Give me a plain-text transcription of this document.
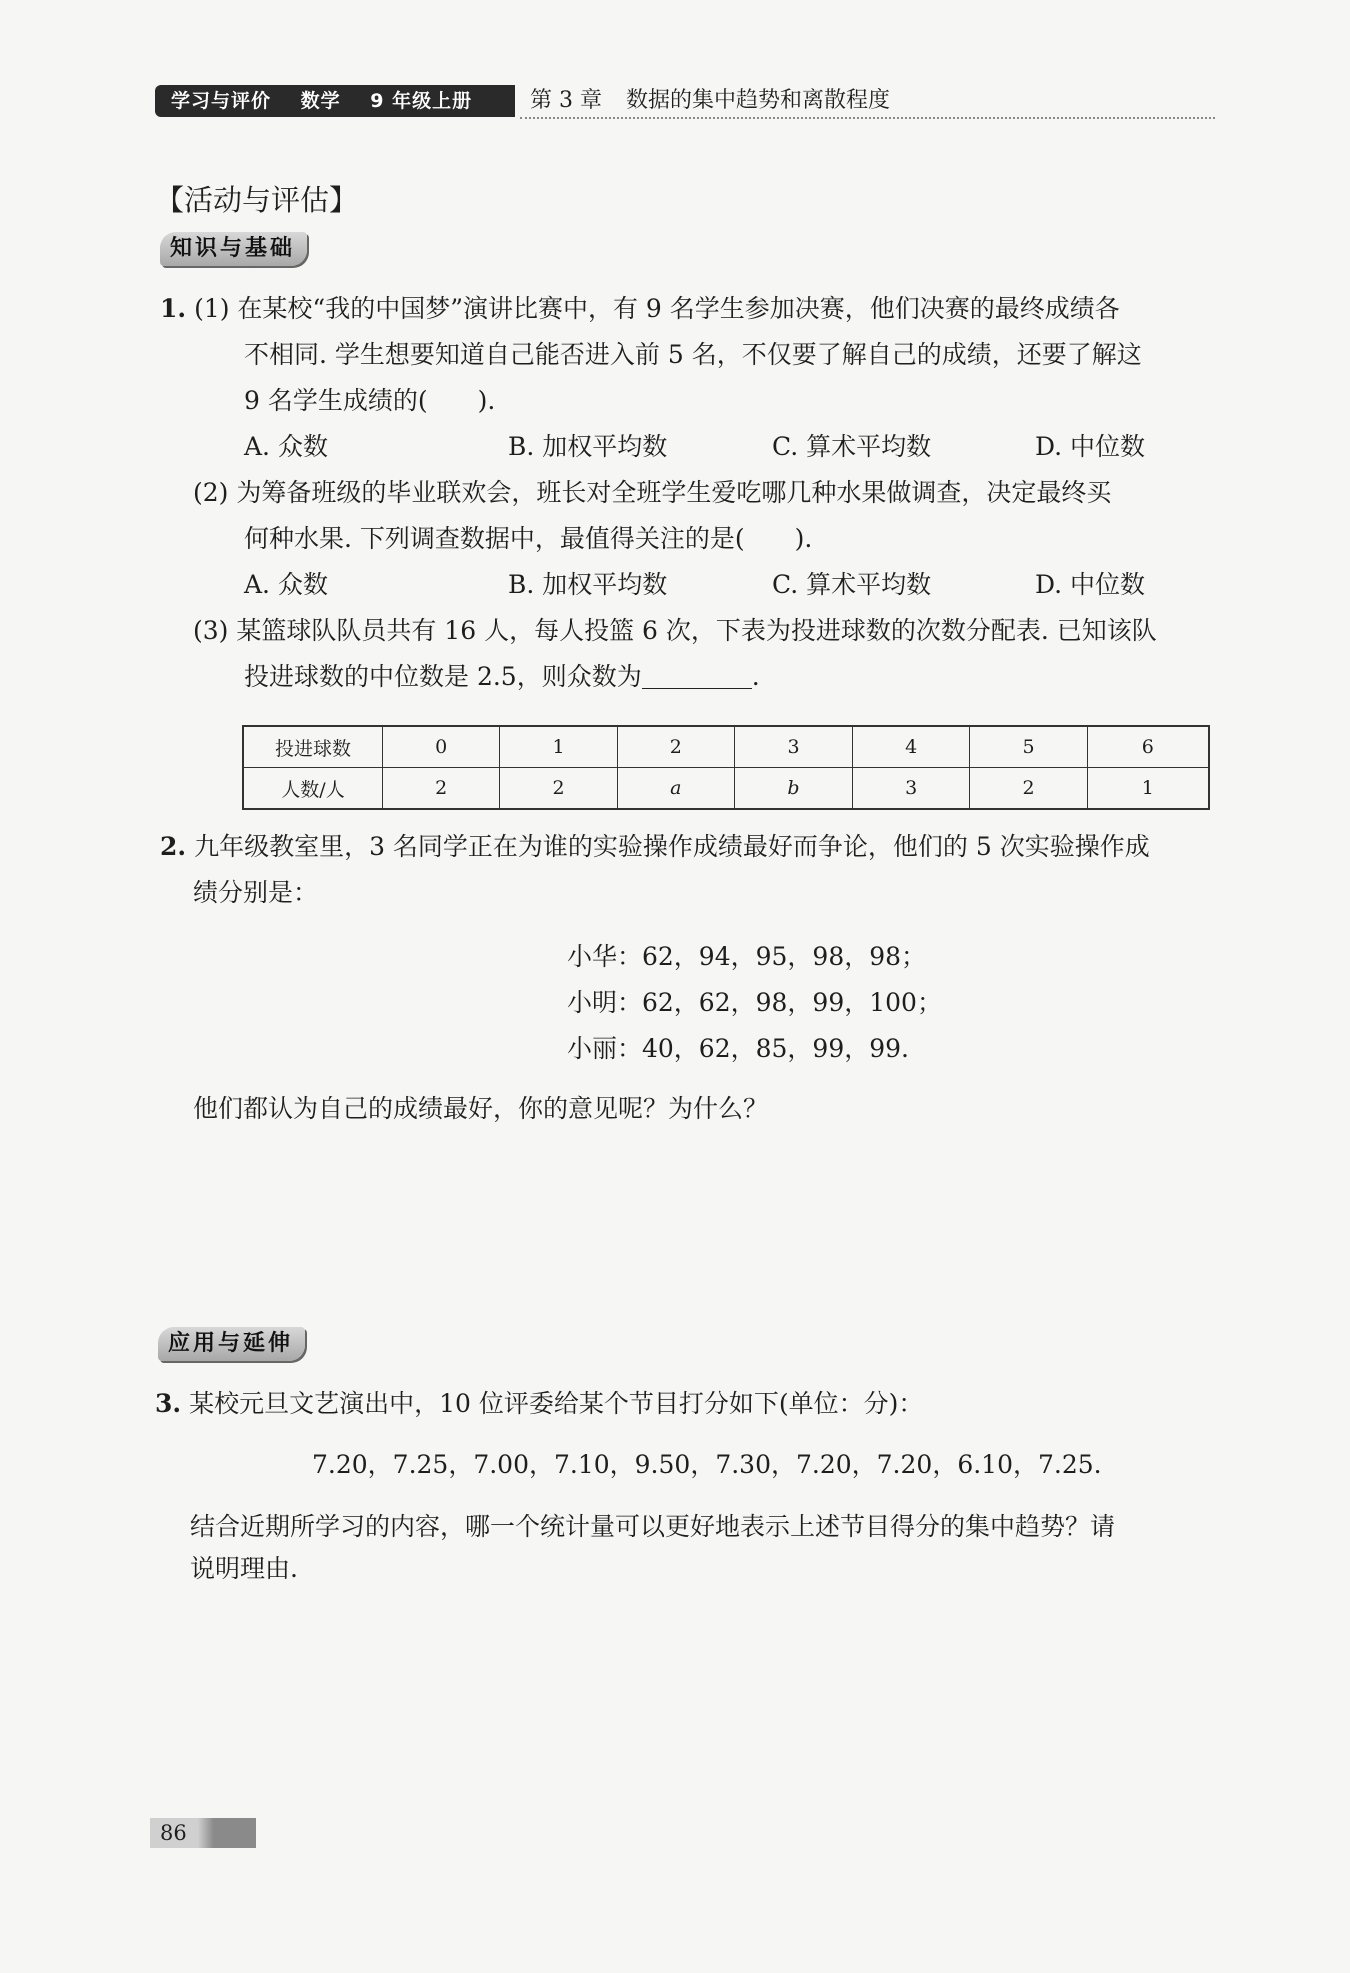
学习与评价 数学 9 年级上册	第 3 章 数据的集中趋势和离散程度
【活动与评估】
知识与基础
1. (1) 在某校“我的中国梦”演讲比赛中，有 9 名学生参加决赛，他们决赛的最终成绩各
不相同. 学生想要知道自己能否进入前 5 名，不仅要了解自己的成绩，还要了解这
9 名学生成绩的(　　).
A. 众数	B. 加权平均数	C. 算术平均数	D. 中位数
(2) 为筹备班级的毕业联欢会，班长对全班学生爱吃哪几种水果做调查，决定最终买
何种水果. 下列调查数据中，最值得关注的是(　　).
A. 众数	B. 加权平均数	C. 算术平均数	D. 中位数
(3) 某篮球队队员共有 16 人，每人投篮 6 次，下表为投进球数的次数分配表. 已知该队
投进球数的中位数是 2.5，则众数为	.
投进球数	0	1	2	3	4	5	6
人数/人	2	2	a	b	3	2	1
2. 九年级教室里，3 名同学正在为谁的实验操作成绩最好而争论，他们的 5 次实验操作成
绩分别是：
小华：62，94，95，98，98；
小明：62，62，98，99，100；
小丽：40，62，85，99，99.
他们都认为自己的成绩最好，你的意见呢？为什么？
应用与延伸
3. 某校元旦文艺演出中，10 位评委给某个节目打分如下(单位：分)：
7.20，7.25，7.00，7.10，9.50，7.30，7.20，7.20，6.10，7.25.
结合近期所学习的内容，哪一个统计量可以更好地表示上述节目得分的集中趋势？请
说明理由.
86
